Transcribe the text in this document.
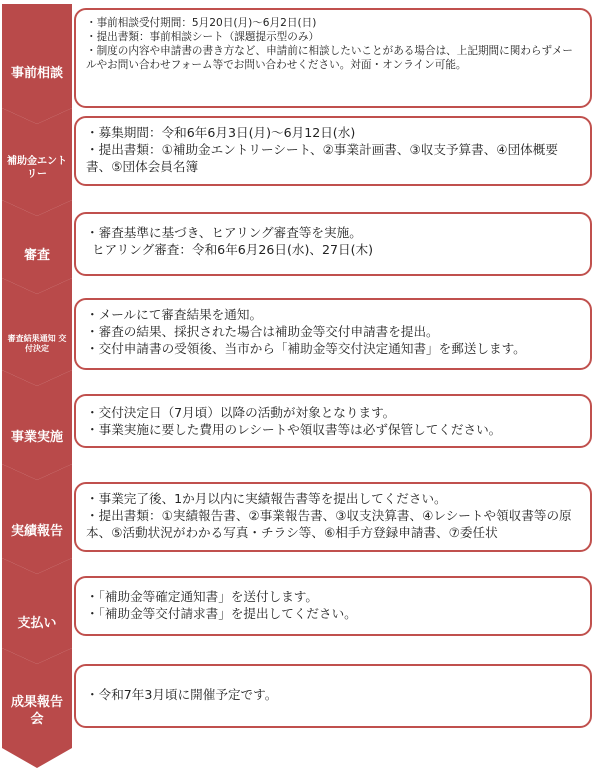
事前相談
補助金エントリー
審査
審査結果通知 交付決定
事業実施
実績報告
支払い
成果報告会

・事前相談受付期間：5月20日(月)～6月2日(日)

・提出書類：事前相談シート（課題提示型のみ）

・制度の内容や申請書の書き方など、申請前に相談したいことがある場合は、上記期間に関わらずメールやお問い合わせフォーム等でお問い合わせください。対面・オンライン可能。

・募集期間：令和6年6月3日(月)～6月12日(水)

・提出書類：①補助金エントリーシート、②事業計画書、③収支予算書、④団体概要書、⑤団体会員名簿

・審査基準に基づき、ヒアリング審査等を実施。

ヒアリング審査：令和6年6月26日(水)、27日(木)

・メールにて審査結果を通知。

・審査の結果、採択された場合は補助金等交付申請書を提出。

・交付申請書の受領後、当市から「補助金等交付決定通知書」を郵送します。

・交付決定日（7月頃）以降の活動が対象となります。

・事業実施に要した費用のレシートや領収書等は必ず保管してください。

・事業完了後、1か月以内に実績報告書等を提出してください。

・提出書類：①実績報告書、②事業報告書、③収支決算書、④レシートや領収書等の原本、⑤活動状況がわかる写真・チラシ等、⑥相手方登録申請書、⑦委任状

・「補助金等確定通知書」を送付します。

・「補助金等交付請求書」を提出してください。

・令和7年3月頃に開催予定です。
